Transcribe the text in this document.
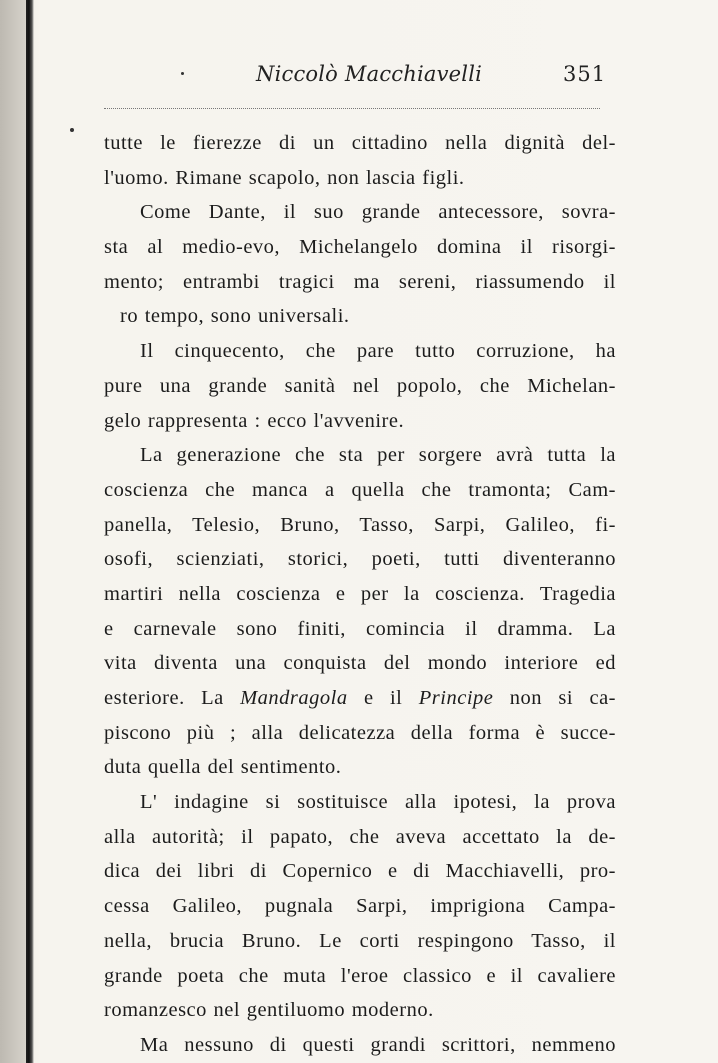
Niccolò Macchiavelli	351
tutte le fierezze di un cittadino nella dignità del-
l'uomo. Rimane scapolo, non lascia figli.
Come Dante, il suo grande antecessore, sovra-
sta al medio-evo, Michelangelo domina il risorgi-
mento; entrambi tragici ma sereni, riassumendo il
ro tempo, sono universali.
Il cinquecento, che pare tutto corruzione, ha
pure una grande sanità nel popolo, che Michelan-
gelo rappresenta : ecco l'avvenire.
La generazione che sta per sorgere avrà tutta la
coscienza che manca a quella che tramonta; Cam-
panella, Telesio, Bruno, Tasso, Sarpi, Galileo, fi-
osofi, scienziati, storici, poeti, tutti diventeranno
martiri nella coscienza e per la coscienza. Tragedia
e carnevale sono finiti, comincia il dramma. La
vita diventa una conquista del mondo interiore ed
esteriore. La Mandragola e il Principe non si ca-
piscono più ; alla delicatezza della forma è succe-
duta quella del sentimento.
L' indagine si sostituisce alla ipotesi, la prova
alla autorità; il papato, che aveva accettato la de-
dica dei libri di Copernico e di Macchiavelli, pro-
cessa Galileo, pugnala Sarpi, imprigiona Campa-
nella, brucia Bruno. Le corti respingono Tasso, il
grande poeta che muta l'eroe classico e il cavaliere
romanzesco nel gentiluomo moderno.
Ma nessuno di questi grandi scrittori, nemmeno
